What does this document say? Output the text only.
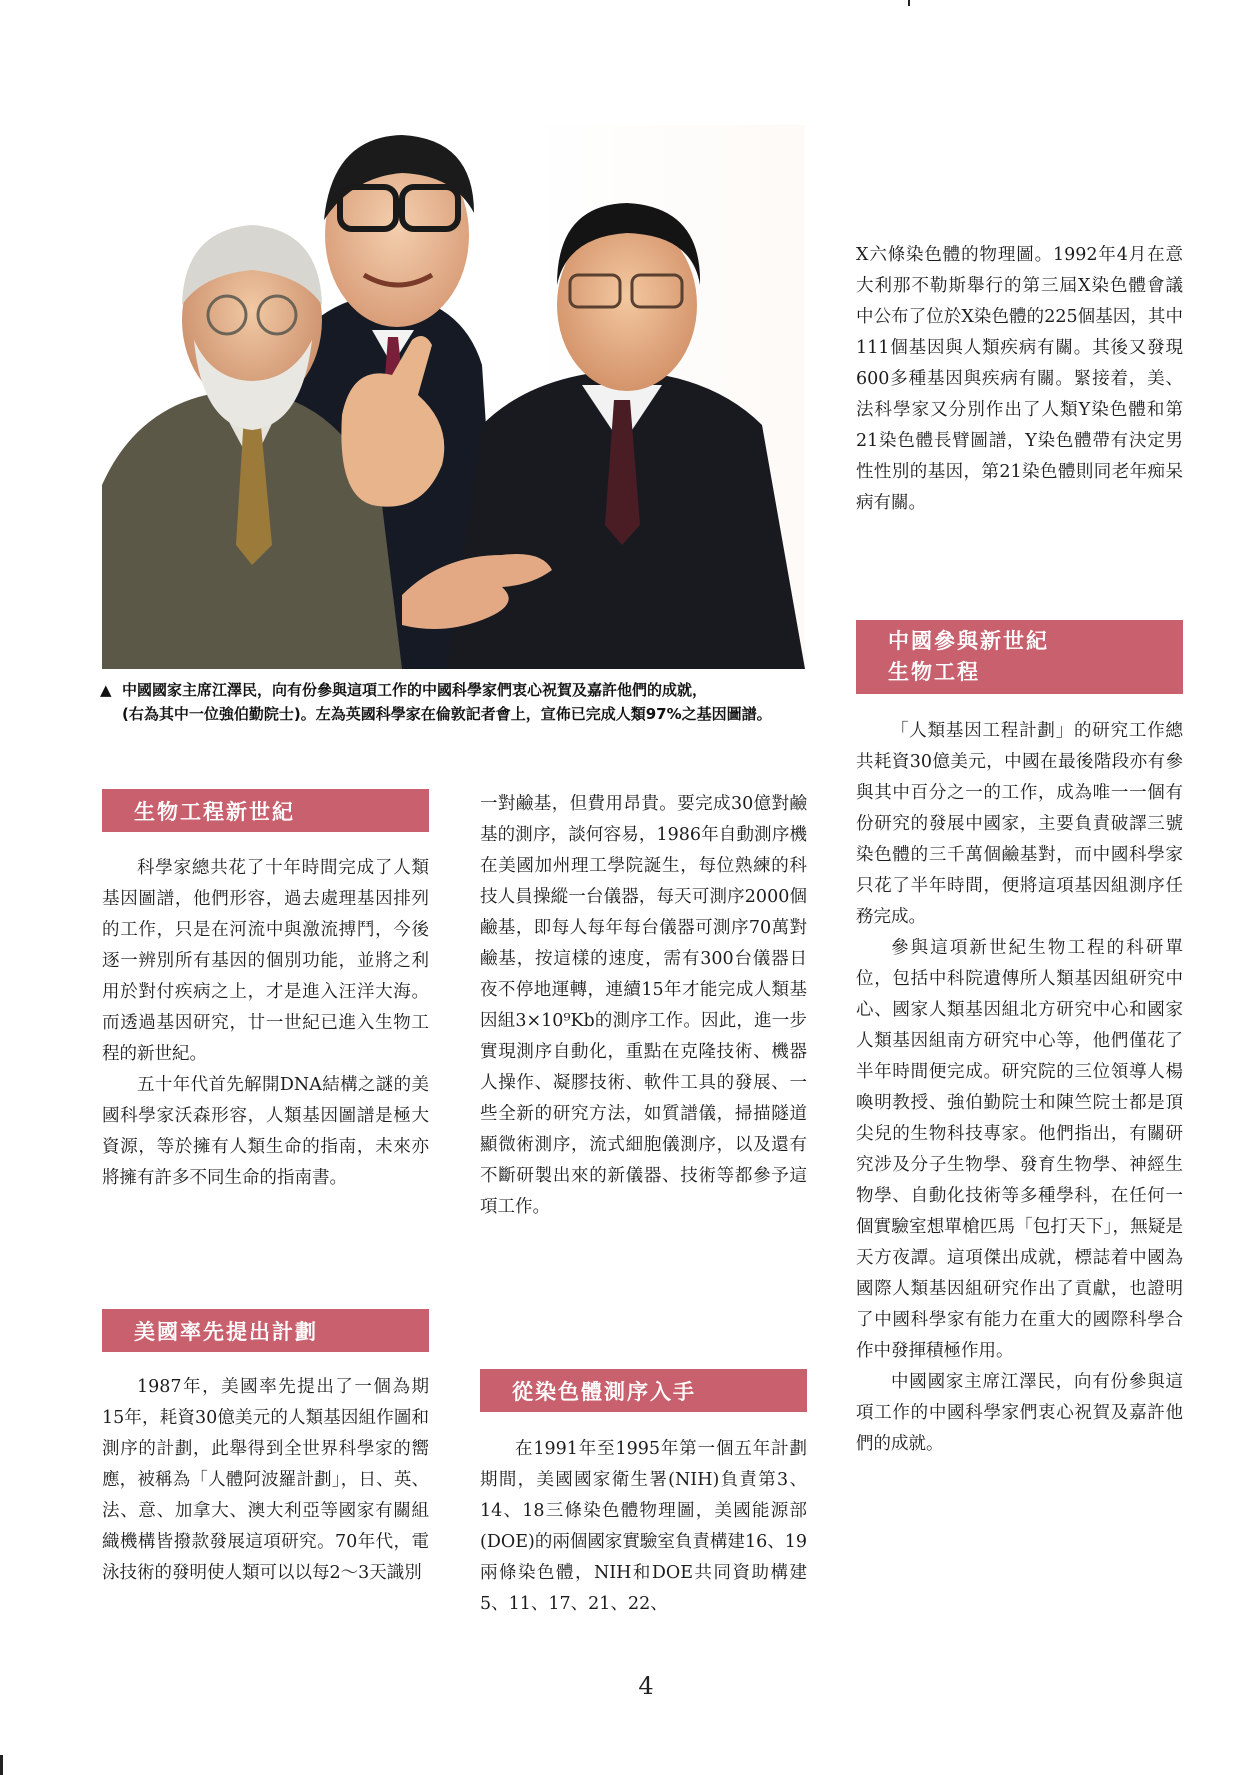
▲ 中國國家主席江澤民，向有份參與這項工作的中國科學家們衷心祝賀及嘉許他們的成就，
(右為其中一位強伯勤院士)。左為英國科學家在倫敦記者會上，宣佈已完成人類97%之基因圖譜。
生物工程新世紀

科學家總共花了十年時間完成了人類基因圖譜，他們形容，過去處理基因排列的工作，只是在河流中與激流搏鬥，今後逐一辨別所有基因的個別功能，並將之利用於對付疾病之上，才是進入汪洋大海。而透過基因研究，廿一世紀已進入生物工程的新世紀。

五十年代首先解開DNA結構之謎的美國科學家沃森形容，人類基因圖譜是極大資源，等於擁有人類生命的指南，未來亦將擁有許多不同生命的指南書。

美國率先提出計劃

1987年，美國率先提出了一個為期15年，耗資30億美元的人類基因組作圖和測序的計劃，此舉得到全世界科學家的嚮應，被稱為「人體阿波羅計劃」，日、英、法、意、加拿大、澳大利亞等國家有關組織機構皆撥款發展這項研究。70年代，電泳技術的發明使人類可以以每2～3天識別

一對鹼基，但費用昂貴。要完成30億對鹼基的測序，談何容易，1986年自動測序機在美國加州理工學院誕生，每位熟練的科技人員操縱一台儀器，每天可測序2000個鹼基，即每人每年每台儀器可測序70萬對鹼基，按這樣的速度，需有300台儀器日夜不停地運轉，連續15年才能完成人類基因組3×10⁹Kb的測序工作。因此，進一步實現測序自動化，重點在克隆技術、機器人操作、凝膠技術、軟件工具的發展、一些全新的研究方法，如質譜儀，掃描隧道顯微術測序，流式細胞儀測序，以及還有不斷研製出來的新儀器、技術等都參予這項工作。

從染色體測序入手

在1991年至1995年第一個五年計劃期間，美國國家衛生署(NIH)負責第3、14、18三條染色體物理圖，美國能源部(DOE)的兩個國家實驗室負責構建16、19兩條染色體，NIH和DOE共同資助構建5、11、17、21、22、

X六條染色體的物理圖。1992年4月在意大利那不勒斯舉行的第三屆X染色體會議中公布了位於X染色體的225個基因，其中111個基因與人類疾病有關。其後又發現600多種基因與疾病有關。緊接着，美、法科學家又分別作出了人類Y染色體和第21染色體長臂圖譜，Y染色體帶有決定男性性別的基因，第21染色體則同老年痴呆病有關。

中國參與新世紀
生物工程

「人類基因工程計劃」的研究工作總共耗資30億美元，中國在最後階段亦有參與其中百分之一的工作，成為唯一一個有份研究的發展中國家，主要負責破譯三號染色體的三千萬個鹼基對，而中國科學家只花了半年時間，便將這項基因組測序任務完成。

參與這項新世紀生物工程的科研單位，包括中科院遺傳所人類基因組研究中心、國家人類基因組北方研究中心和國家人類基因組南方研究中心等，他們僅花了半年時間便完成。研究院的三位領導人楊喚明教授、強伯勤院士和陳竺院士都是頂尖兒的生物科技專家。他們指出，有關研究涉及分子生物學、發育生物學、神經生物學、自動化技術等多種學科，在任何一個實驗室想單槍匹馬「包打天下」，無疑是天方夜譚。這項傑出成就，標誌着中國為國際人類基因組研究作出了貢獻，也證明了中國科學家有能力在重大的國際科學合作中發揮積極作用。

中國國家主席江澤民，向有份參與這項工作的中國科學家們衷心祝賀及嘉許他們的成就。

4
